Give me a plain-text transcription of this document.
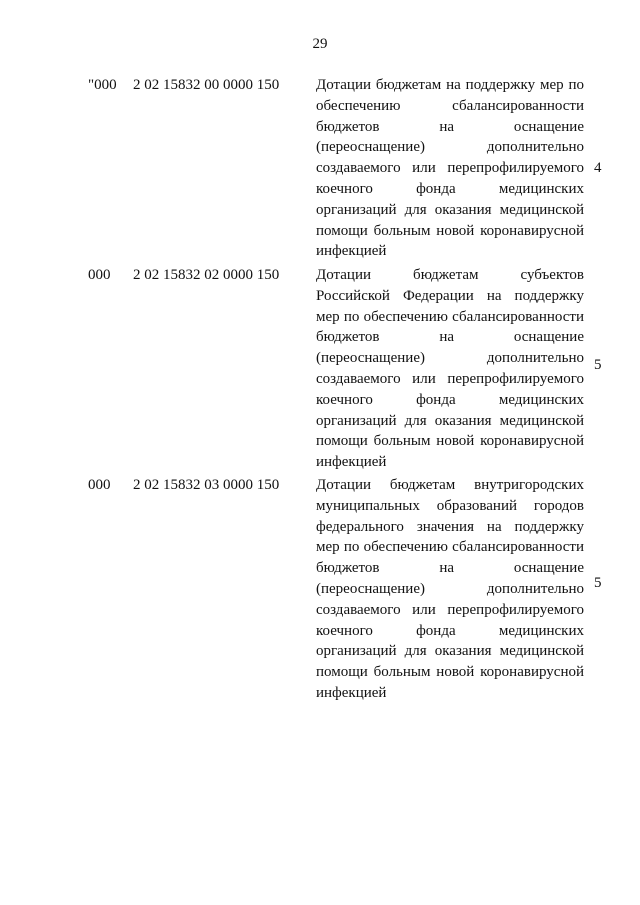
29
"000 2 02 15832 00 0000 150 Дотации бюджетам на поддержку мер по
обеспечению сбалансированности
бюджетов на оснащение
(переоснащение) дополнительно
создаваемого или перепрофилируемого
коечного фонда медицинских
организаций для оказания медицинской
помощи больным новой коронавирусной
инфекцией
4
000 2 02 15832 02 0000 150 Дотации бюджетам субъектов
Российской Федерации на поддержку
мер по обеспечению сбалансированности
бюджетов на оснащение
(переоснащение) дополнительно
создаваемого или перепрофилируемого
коечного фонда медицинских
организаций для оказания медицинской
помощи больным новой коронавирусной
инфекцией
5
000 2 02 15832 03 0000 150 Дотации бюджетам внутригородских
муниципальных образований городов
федерального значения на поддержку
мер по обеспечению сбалансированности
бюджетов на оснащение
(переоснащение) дополнительно
создаваемого или перепрофилируемого
коечного фонда медицинских
организаций для оказания медицинской
помощи больным новой коронавирусной
инфекцией
5
